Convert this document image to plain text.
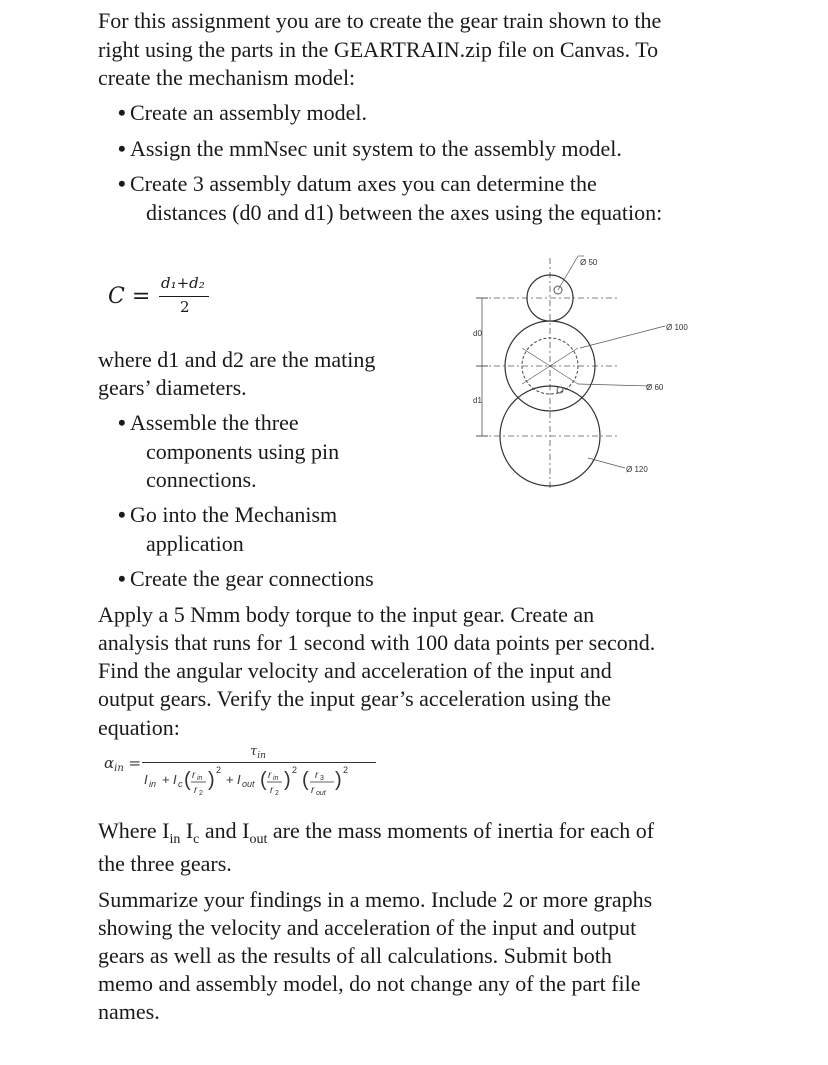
For this assignment you are to create the gear train shown to the

right using the parts in the GEARTRAIN.zip file on Canvas. To

create the mechanism model:

• Create an assembly model.
• Assign the mmNsec unit system to the assembly model.
• Create 3 assembly datum axes you can determine the
distances (d0 and d1) between the axes using the equation:
C =
d₁+d₂
2

where d1 and d2 are the mating

gears’ diameters.

• Assemble the three
components using pin
connections.
• Go into the Mechanism
application
• Create the gear connections

Apply a 5 Nmm body torque to the input gear. Create an

analysis that runs for 1 second with 100 data points per second.

Find the angular velocity and acceleration of the input and

output gears. Verify the input gear’s acceleration using the

equation:

$\alpha_{in}$ =
$\tau_{in}$
I in + I c ( r in
r 2
) 2
+ I out ( r in
r 2
) 2 ( r 3
r out
) 2
Where $I_{in}$ $I_c$ and $I_{out}$ are the mass moments of inertia for each of

the three gears.

Summarize your findings in a memo. Include 2 or more graphs

showing the velocity and acceleration of the input and output

gears as well as the results of all calculations. Submit both

memo and assembly model, do not change any of the part file

names.

d0
d1
Ø 50
Ø 100
Ø 60
Ø 120
